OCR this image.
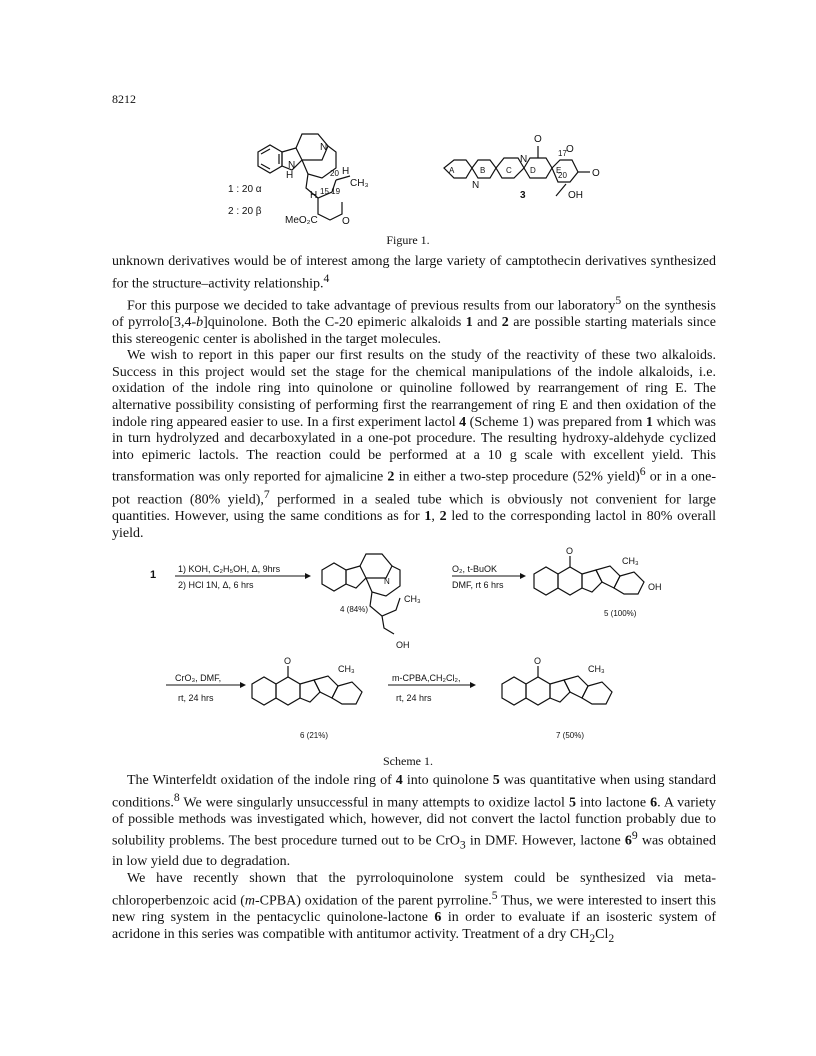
8212
N
H
N
20 H
CH₃
15 19
H
O
MeO₂C
1 : 20 α
2 : 20 β
A	B	C D	E
O
N
N
17 O
O
20
3	OH
Figure 1.

unknown derivatives would be of interest among the large variety of camptothecin derivatives synthesized for the structure–activity relationship.$^4$

For this purpose we decided to take advantage of previous results from our laboratory$^5$ on the synthesis of pyrrolo[3,4-b]quinolone. Both the C-20 epimeric alkaloids 1 and 2 are possible starting materials since this stereogenic center is abolished in the target molecules.

We wish to report in this paper our first results on the study of the reactivity of these two alkaloids. Success in this project would set the stage for the chemical manipulations of the indole alkaloids, i.e. oxidation of the indole ring into quinolone or quinoline followed by rearrangement of ring E. The alternative possibility consisting of performing first the rearrangement of ring E and then oxidation of the indole ring appeared easier to use. In a first experiment lactol 4 (Scheme 1) was prepared from 1 which was in turn hydrolyzed and decarboxylated in a one-pot procedure. The resulting hydroxy-aldehyde cyclized into epimeric lactols. The reaction could be performed at a 10 g scale with excellent yield. This transformation was only reported for ajmalicine 2 in either a two-step procedure (52% yield)$^6$ or in a one-pot reaction (80% yield),$^7$ performed in a sealed tube which is obviously not convenient for large quantities. However, using the same conditions as for 1, 2 led to the corresponding lactol in 80% overall yield.

1 1) KOH, C₂H₅OH, Δ, 9hrs
2) HCl 1N, Δ, 6 hrs	N
CH₃
OH
4 (84%)
O₂, t-BuOK
DMF, rt 6 hrs
O
OH
CH₃
5 (100%)
CrO₃, DMF,
rt, 24 hrs
O
CH₃
6 (21%)
m-CPBA,CH₂Cl₂,
rt, 24 hrs
O
CH₃
7 (50%)
Scheme 1.

The Winterfeldt oxidation of the indole ring of 4 into quinolone 5 was quantitative when using standard conditions.$^8$ We were singularly unsuccessful in many attempts to oxidize lactol 5 into lactone 6. A variety of possible methods was investigated which, however, did not convert the lactol function probably due to solubility problems. The best procedure turned out to be CrO$_3$ in DMF. However, lactone $6^9$ was obtained in low yield due to degradation.

We have recently shown that the pyrroloquinolone system could be synthesized via meta-chloroperbenzoic acid (m-CPBA) oxidation of the parent pyrroline.$^5$ Thus, we were interested to insert this new ring system in the pentacyclic quinolone-lactone 6 in order to evaluate if an isosteric system of acridone in this series was compatible with antitumor activity. Treatment of a dry $CH_2Cl_2$
